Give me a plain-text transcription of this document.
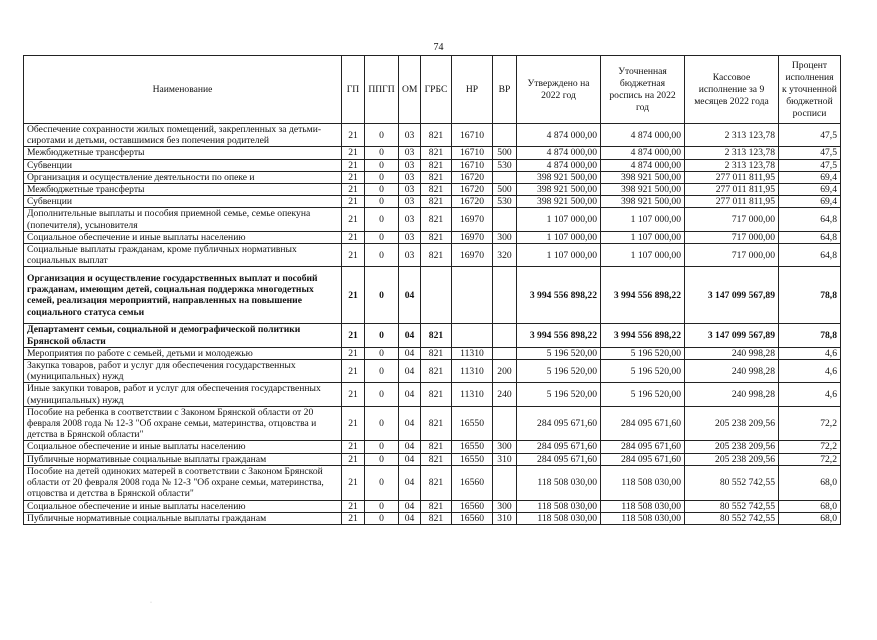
74
Наименование	ГП	ППГП	ОМ	ГРБС	НР	ВР	Утверждено на 2022 год	Уточненная бюджетная роспись на 2022 год	Кассовое исполнение за 9 месяцев 2022 года	Процент исполнения к уточненной бюджетной росписи
Обеспечение сохранности жилых помещений, закрепленных за детьми-сиротами и детьми, оставшимися без попечения родителей	21	0	03	821	16710		4 874 000,00	4 874 000,00	2 313 123,78	47,5
Межбюджетные трансферты	21	0	03	821	16710	500	4 874 000,00	4 874 000,00	2 313 123,78	47,5
Субвенции	21	0	03	821	16710	530	4 874 000,00	4 874 000,00	2 313 123,78	47,5
Организация и осуществление деятельности по опеке и	21	0	03	821	16720		398 921 500,00	398 921 500,00	277 011 811,95	69,4
Межбюджетные трансферты	21	0	03	821	16720	500	398 921 500,00	398 921 500,00	277 011 811,95	69,4
Субвенции	21	0	03	821	16720	530	398 921 500,00	398 921 500,00	277 011 811,95	69,4
Дополнительные выплаты и пособия приемной семье, семье опекуна (попечителя), усыновителя	21	0	03	821	16970		1 107 000,00	1 107 000,00	717 000,00	64,8
Социальное обеспечение и иные выплаты населению	21	0	03	821	16970	300	1 107 000,00	1 107 000,00	717 000,00	64,8
Социальные выплаты гражданам, кроме публичных нормативных социальных выплат	21	0	03	821	16970	320	1 107 000,00	1 107 000,00	717 000,00	64,8
Организация и осуществление государственных выплат и пособий гражданам, имеющим детей, социальная поддержка многодетных семей, реализация мероприятий, направленных на повышение социального статуса семьи	21	0	04				3 994 556 898,22	3 994 556 898,22	3 147 099 567,89	78,8
Департамент семьи, социальной и демографической политики Брянской области	21	0	04	821			3 994 556 898,22	3 994 556 898,22	3 147 099 567,89	78,8
Мероприятия по работе с семьей, детьми и молодежью	21	0	04	821	11310		5 196 520,00	5 196 520,00	240 998,28	4,6
Закупка товаров, работ и услуг для обеспечения государственных (муниципальных) нужд	21	0	04	821	11310	200	5 196 520,00	5 196 520,00	240 998,28	4,6
Иные закупки товаров, работ и услуг для обеспечения государственных (муниципальных) нужд	21	0	04	821	11310	240	5 196 520,00	5 196 520,00	240 998,28	4,6
Пособие на ребенка в соответствии с Законом Брянской области от 20 февраля 2008 года № 12-З "Об охране семьи, материнства, отцовства и детства в Брянской области"	21	0	04	821	16550		284 095 671,60	284 095 671,60	205 238 209,56	72,2
Социальное обеспечение и иные выплаты населению	21	0	04	821	16550	300	284 095 671,60	284 095 671,60	205 238 209,56	72,2
Публичные нормативные социальные выплаты гражданам	21	0	04	821	16550	310	284 095 671,60	284 095 671,60	205 238 209,56	72,2
Пособие на детей одиноких матерей в соответствии с Законом Брянской области от 20 февраля 2008 года № 12-З "Об охране семьи, материнства, отцовства и детства в Брянской области"	21	0	04	821	16560		118 508 030,00	118 508 030,00	80 552 742,55	68,0
Социальное обеспечение и иные выплаты населению	21	0	04	821	16560	300	118 508 030,00	118 508 030,00	80 552 742,55	68,0
Публичные нормативные социальные выплаты гражданам	21	0	04	821	16560	310	118 508 030,00	118 508 030,00	80 552 742,55	68,0
·
